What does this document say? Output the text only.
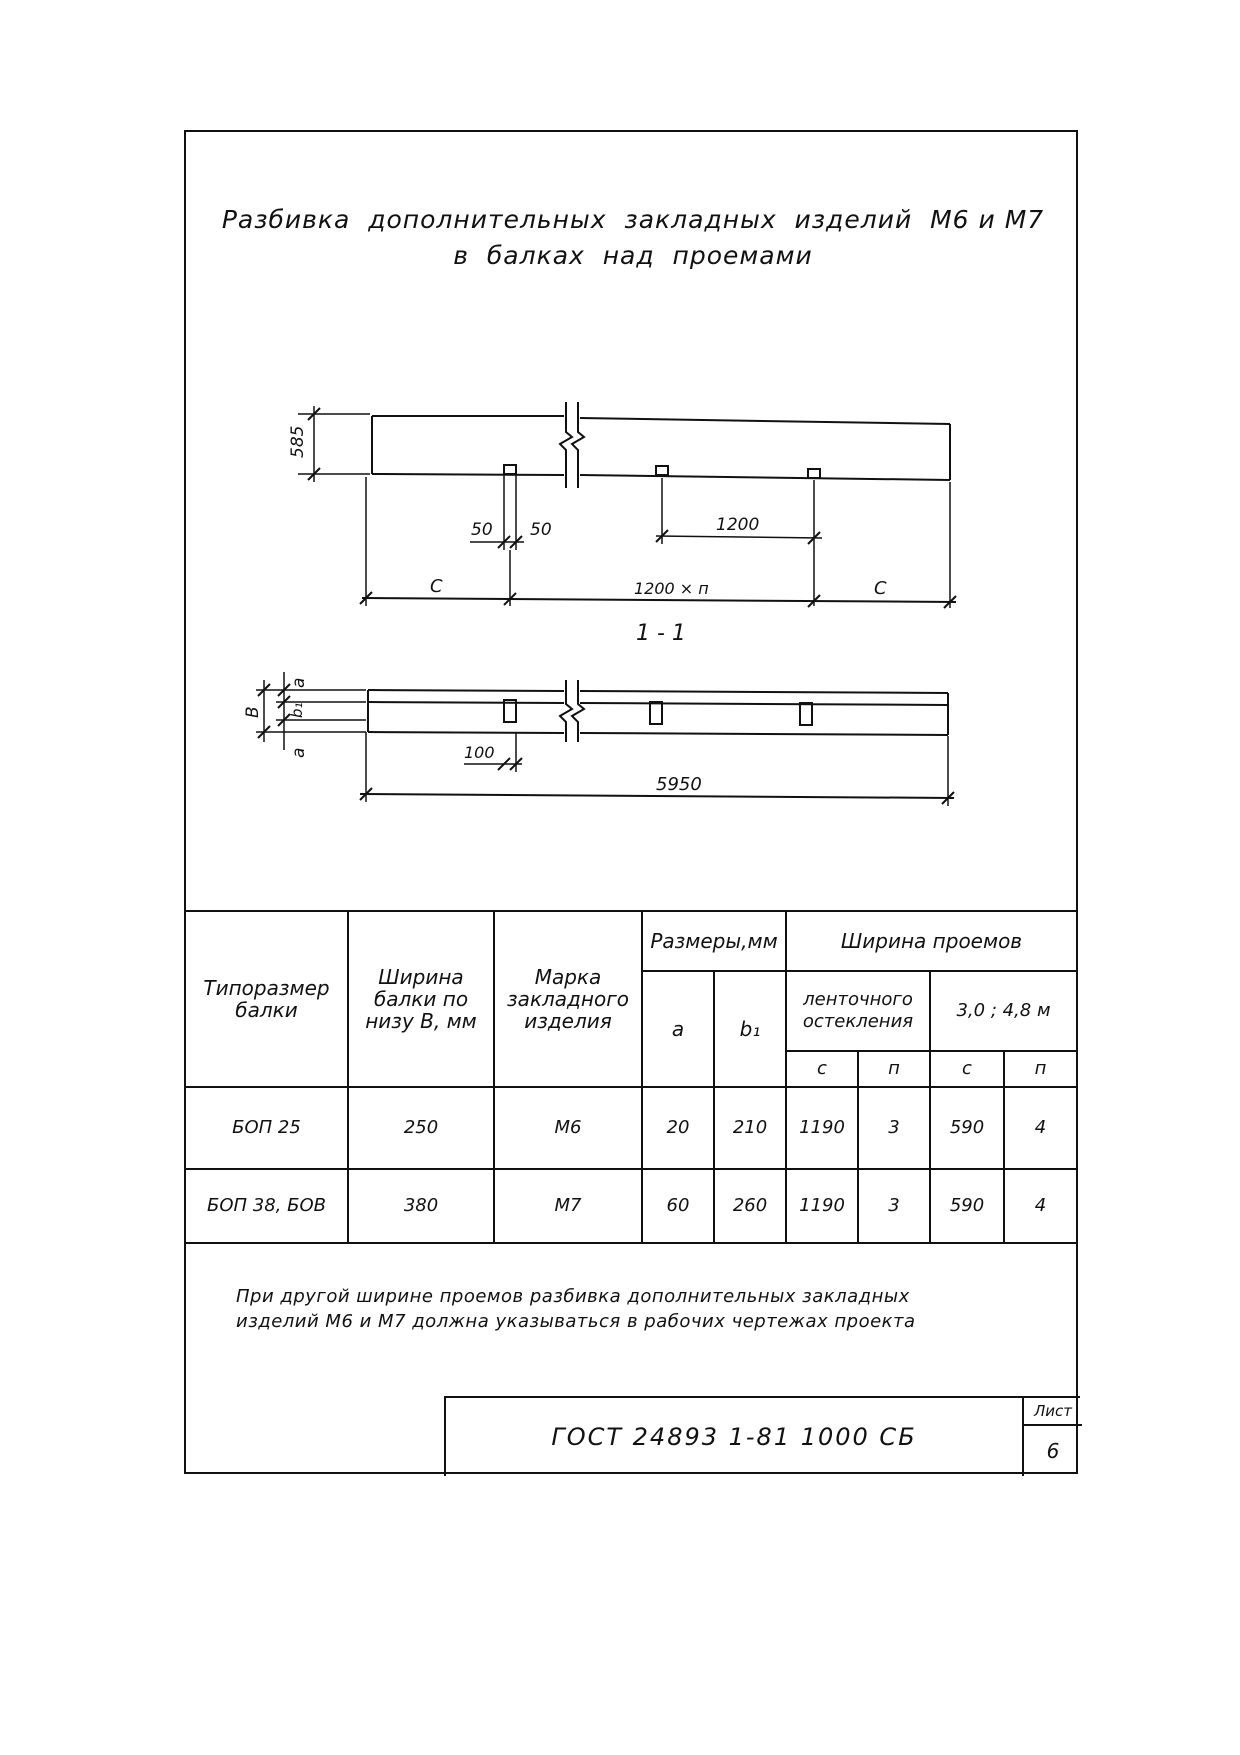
Разбивка  дополнительных  закладных  изделий  М6 и М7
в  балках  над  проемами
585
50 50	1200
С	1200 × п	С
1 - 1
а
В b₁
а	100
5950
Типоразмер балки	Ширина балки по низу В, мм	Марка закладного изделия	Размеры,мм		Ширина проемов			
			а	b₁	ленточного остекления		3,0 ; 4,8 м	
					с	п	с	п
БОП 25	250	М6	20	210	1190	3	590	4
БОП 38, БОВ	380	М7	60	260	1190	3	590	4
При другой ширине проемов разбивка дополнительных закладных
изделий М6 и М7 должна указываться в рабочих чертежах проекта
ГОСТ 24893 1-81 1000 СБ
Лист
6
